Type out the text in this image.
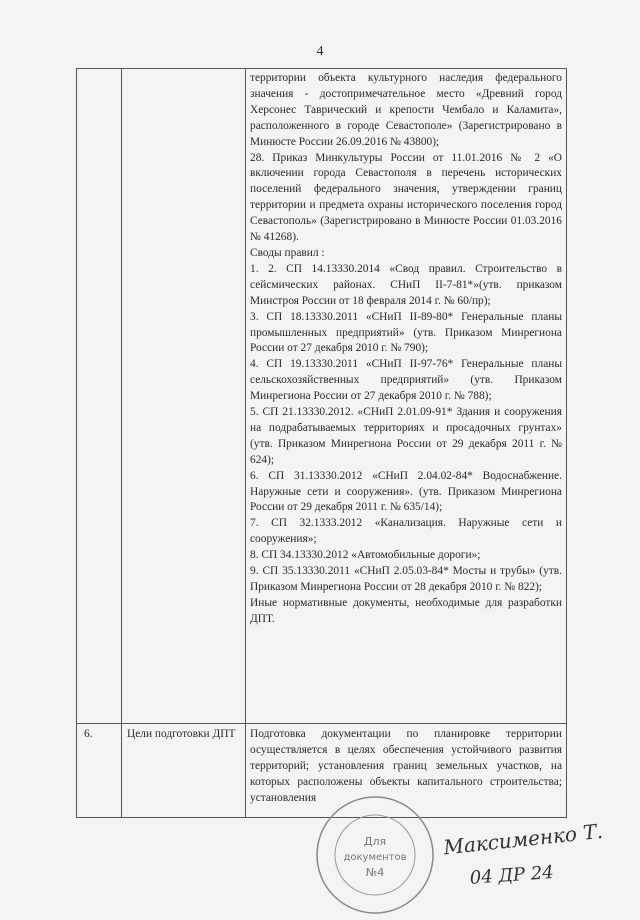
4

территории объекта культурного наследия федерального значения - достопримечательное место «Древний город Херсонес Таврический и крепости Чембало и Каламита», расположенного в городе Севастополе» (Зарегистрировано в Минюсте России 26.09.2016 № 43800);

28. Приказ Минкультуры России от 11.01.2016 № 2 «О включении города Севастополя в перечень исторических поселений федерального значения, утверждении границ территории и предмета охраны исторического поселения город Севастополь» (Зарегистрировано в Минюсте России 01.03.2016 № 41268).

Своды правил :

1. 2. СП 14.13330.2014 «Свод правил. Строительство в сейсмических районах. СНиП II-7-81*»(утв. приказом Минстроя России от 18 февраля 2014 г. № 60/пр);

3. СП 18.13330.2011 «СНиП II-89-80* Генеральные планы промышленных предприятий» (утв. Приказом Минрегиона России от 27 декабря 2010 г. № 790);

4. СП 19.13330.2011 «СНиП II-97-76* Генеральные планы сельскохозяйственных предприятий» (утв. Приказом Минрегиона России от 27 декабря 2010 г. № 788);

5. СП 21.13330.2012. «СНиП 2.01.09-91* Здания и сооружения на подрабатываемых территориях и просадочных грунтах» (утв. Приказом Минрегиона России от 29 декабря 2011 г. № 624);

6. СП 31.13330.2012 «СНиП 2.04.02-84* Водоснабжение. Наружные сети и сооружения». (утв. Приказом Минрегиона России от 29 декабря 2011 г. № 635/14);

7. СП 32.1333.2012 «Канализация. Наружные сети и сооружения»;

8. СП 34.13330.2012 «Автомобильные дороги»;

9. СП 35.13330.2011 «СНиП 2.05.03-84* Мосты и трубы» (утв. Приказом Минрегиона России от 28 декабря 2010 г. № 822);

Иные нормативные документы, необходимые для разработки ДПТ.

6.	Цели подготовки ДПТ	Подготовка документации по планировке территории осуществляется в целях обеспечения устойчивого развития территорий; установления границ земельных участков, на которых расположены объекты капитального строительства; установления
Для
документов
№4
Максименко Т.
04 ДР 24
